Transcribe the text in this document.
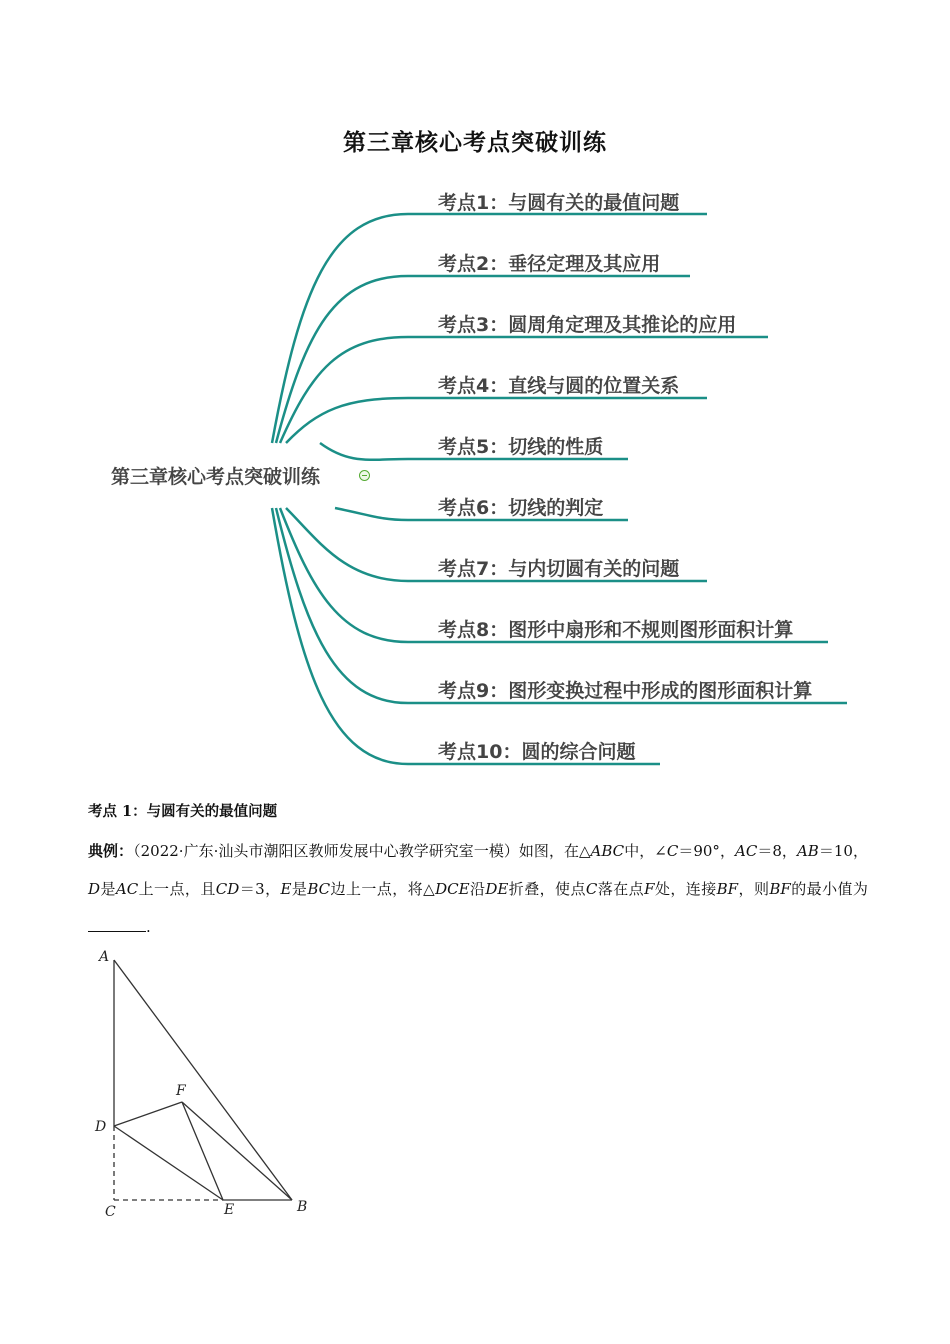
第三章核心考点突破训练
第三章核心考点突破训练
考点1：与圆有关的最值问题
考点2：垂径定理及其应用
考点3：圆周角定理及其推论的应用
考点4：直线与圆的位置关系
考点5：切线的性质
考点6：切线的判定
考点7：与内切圆有关的问题
考点8：图形中扇形和不规则图形面积计算
考点9：图形变换过程中形成的图形面积计算
考点10：圆的综合问题
考点 1：与圆有关的最值问题
典例：（2022·广东·汕头市潮阳区教师发展中心教学研究室一模）如图，在△ABC中，∠C＝90°，AC＝8，AB＝10，D是AC上一点，且CD＝3，E是BC边上一点，将△DCE沿DE折叠，使点C落在点F处，连接BF，则BF的最小值为.
A
F
D
C	E	B
